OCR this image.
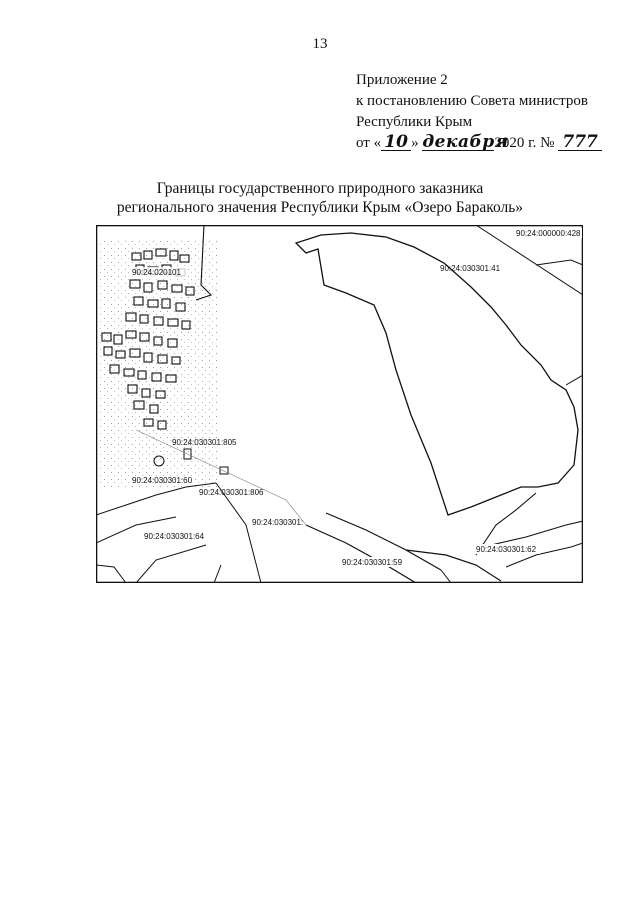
13
Приложение 2
к постановлению Совета министров
Республики Крым
от « 10 » декабря2020 г. № 777
Границы государственного природного заказника
регионального значения Республики Крым «Озеро Бараколь»
90:24:000000:428
90:24:030301:41
90:24:020101
90:24:030301:805
90:24:030301:60
90:24:030301:806
90:24:030301:
90:24:030301:64
90:24:030301:62
90:24:030301:59
